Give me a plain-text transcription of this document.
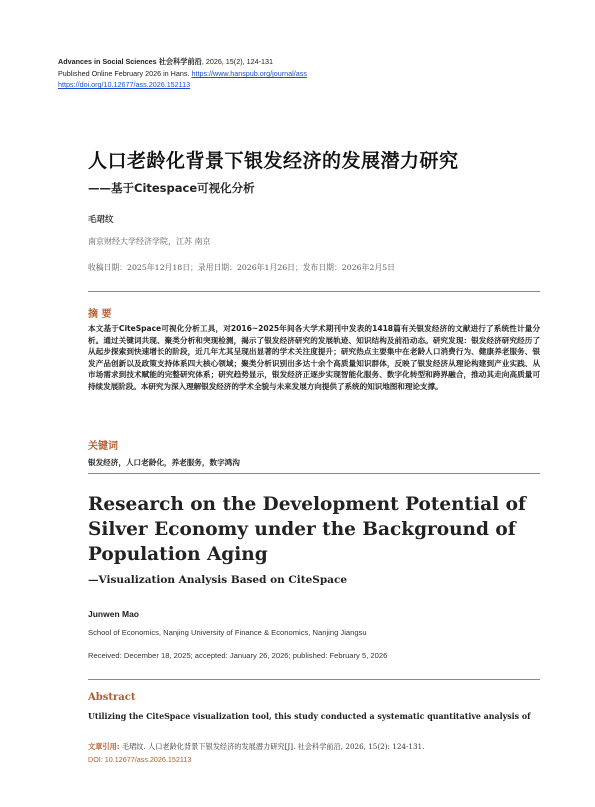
Advances in Social Sciences 社会科学前沿, 2026, 15(2), 124-131
Published Online February 2026 in Hans. https://www.hanspub.org/journal/ass
https://doi.org/10.12677/ass.2026.152113
人口老龄化背景下银发经济的发展潜力研究
——基于Citespace可视化分析
毛珺纹
南京财经大学经济学院，江苏 南京
收稿日期：2025年12月18日；录用日期：2026年1月26日；发布日期：2026年2月5日
摘 要
本文基于CiteSpace可视化分析工具，对2016~2025年间各大学术期刊中发表的1418篇有关银发经济的文献进行了系统性计量分析。通过关键词共现、聚类分析和突现检测，揭示了银发经济研究的发展轨迹、知识结构及前沿动态。研究发现：银发经济研究经历了从起步探索到快速增长的阶段，近几年尤其呈现出显著的学术关注度提升；研究热点主要集中在老龄人口消费行为、健康养老服务、银发产品创新以及政策支持体系四大核心领域；聚类分析识别出多达十余个高质量知识群体，反映了银发经济从理论构建到产业实践、从市场需求到技术赋能的完整研究体系；研究趋势显示，银发经济正逐步实现智能化服务、数字化转型和跨界融合，推动其走向高质量可持续发展阶段。本研究为深入理解银发经济的学术全貌与未来发展方向提供了系统的知识地图和理论支撑。
关键词
银发经济，人口老龄化，养老服务，数字鸿沟
Research on the Development Potential of Silver Economy under the Background of Population Aging
—Visualization Analysis Based on CiteSpace
Junwen Mao
School of Economics, Nanjing University of Finance & Economics, Nanjing Jiangsu
Received: December 18, 2025; accepted: January 26, 2026; published: February 5, 2026
Abstract
Utilizing the CiteSpace visualization tool, this study conducted a systematic quantitative analysis of
文章引用: 毛珺纹. 人口老龄化背景下银发经济的发展潜力研究[J]. 社会科学前沿, 2026, 15(2): 124-131.
DOI: 10.12677/ass.2026.152113
